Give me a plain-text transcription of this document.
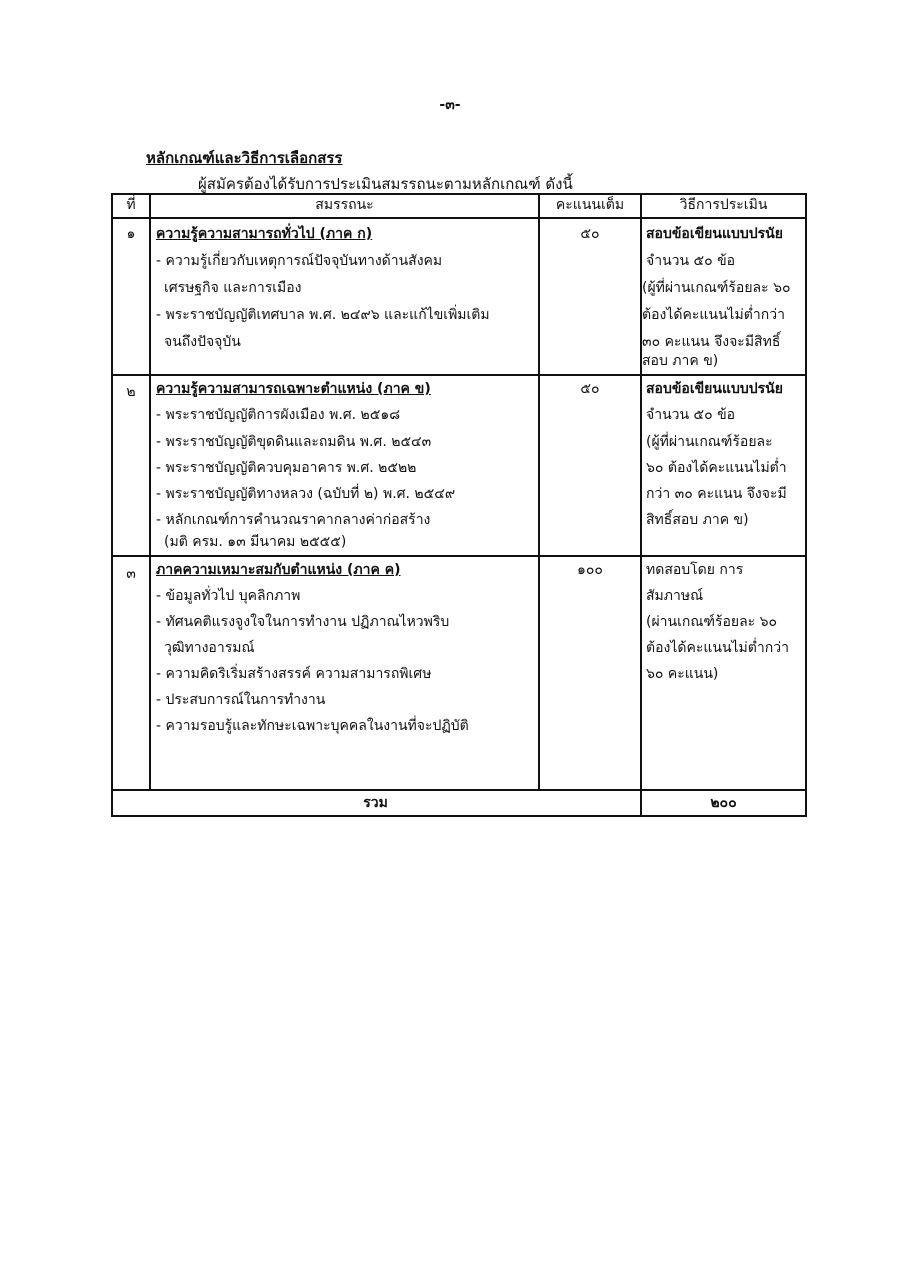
-๓-
หลักเกณฑ์และวิธีการเลือกสรร
ผู้สมัครต้องได้รับการประเมินสมรรถนะตามหลักเกณฑ์ ดังนี้
ที่	สมรรถนะ	คะแนนเต็ม	วิธีการประเมิน
๑	ความรู้ความสามารถทั่วไป (ภาค ก)
- ความรู้เกี่ยวกับเหตุการณ์ปัจจุบันทางด้านสังคม
เศรษฐกิจ และการเมือง
- พระราชบัญญัติเทศบาล พ.ศ. ๒๔๙๖ และแก้ไขเพิ่มเติม
จนถึงปัจจุบัน
๕๐	สอบข้อเขียนแบบปรนัย
จำนวน ๕๐ ข้อ
(ผู้ที่ผ่านเกณฑ์ร้อยละ ๖๐
ต้องได้คะแนนไม่ต่ำกว่า
๓๐ คะแนน จึงจะมีสิทธิ์
สอบ ภาค ข)
๒	ความรู้ความสามารถเฉพาะตำแหน่ง (ภาค ข)
- พระราชบัญญัติการผังเมือง พ.ศ. ๒๕๑๘
- พระราชบัญญัติขุดดินและถมดิน พ.ศ. ๒๕๔๓
- พระราชบัญญัติควบคุมอาคาร พ.ศ. ๒๕๒๒
- พระราชบัญญัติทางหลวง (ฉบับที่ ๒) พ.ศ. ๒๕๔๙
- หลักเกณฑ์การคำนวณราคากลางค่าก่อสร้าง
(มติ ครม. ๑๓ มีนาคม ๒๕๕๕)
๕๐	สอบข้อเขียนแบบปรนัย
จำนวน ๕๐ ข้อ
(ผู้ที่ผ่านเกณฑ์ร้อยละ
๖๐ ต้องได้คะแนนไม่ต่ำ
กว่า ๓๐ คะแนน จึงจะมี
สิทธิ์สอบ ภาค ข)
๓	ภาคความเหมาะสมกับตำแหน่ง (ภาค ค)
- ข้อมูลทั่วไป บุคลิกภาพ
- ทัศนคติแรงจูงใจในการทำงาน ปฏิภาณไหวพริบ
วุฒิทางอารมณ์
- ความคิดริเริ่มสร้างสรรค์ ความสามารถพิเศษ
- ประสบการณ์ในการทำงาน
- ความรอบรู้และทักษะเฉพาะบุคคลในงานที่จะปฏิบัติ
๑๐๐	ทดสอบโดย การ
สัมภาษณ์
(ผ่านเกณฑ์ร้อยละ ๖๐
ต้องได้คะแนนไม่ต่ำกว่า
๖๐ คะแนน)
รวม	๒๐๐
